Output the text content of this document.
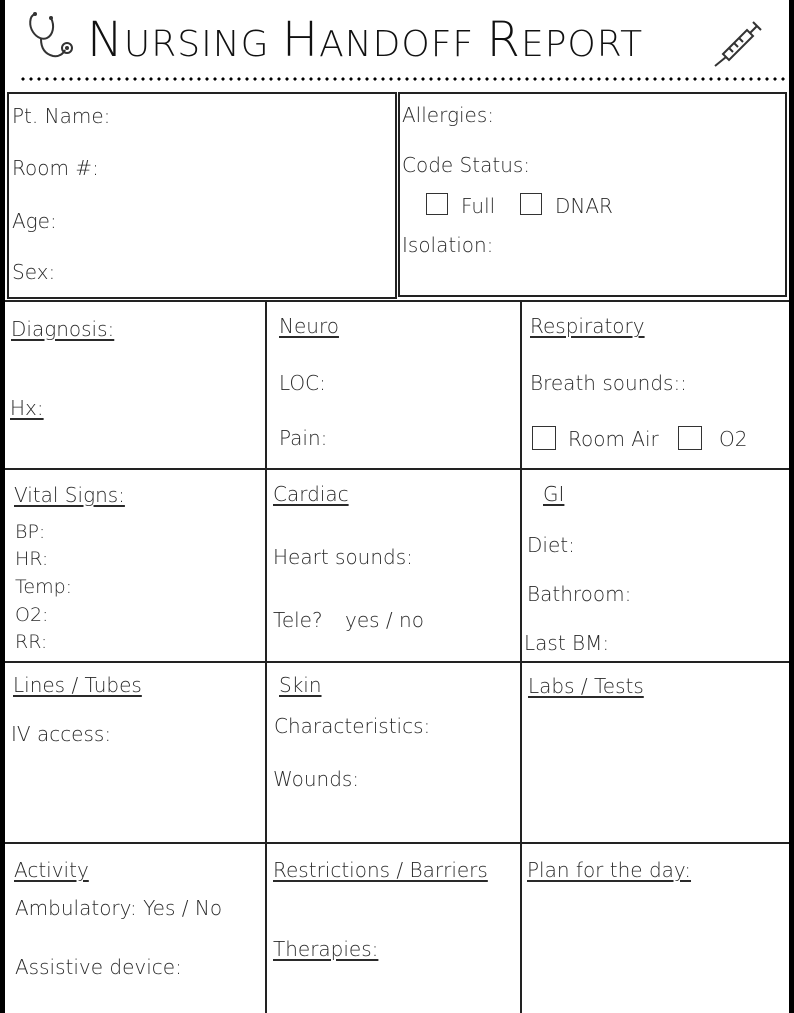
NURSING HANDOFF REPORT
Pt. Name:
Room #:
Age:
Sex:
Allergies:
Code Status:
Full	DNAR
Isolation:
Diagnosis:
Hx:
Neuro
LOC:
Pain:
Respiratory
Breath sounds::
Room Air	O2
Vital Signs:
BP:
HR:
Temp:
O2:
RR:
Cardiac
Heart sounds:
Tele? yes / no
GI
Diet:
Bathroom:
Last BM:
Lines / Tubes
IV access:
Skin
Characteristics:
Wounds:
Labs / Tests
Activity
Ambulatory: Yes / No
Assistive device:
Restrictions / Barriers
Therapies:
Plan for the day:
